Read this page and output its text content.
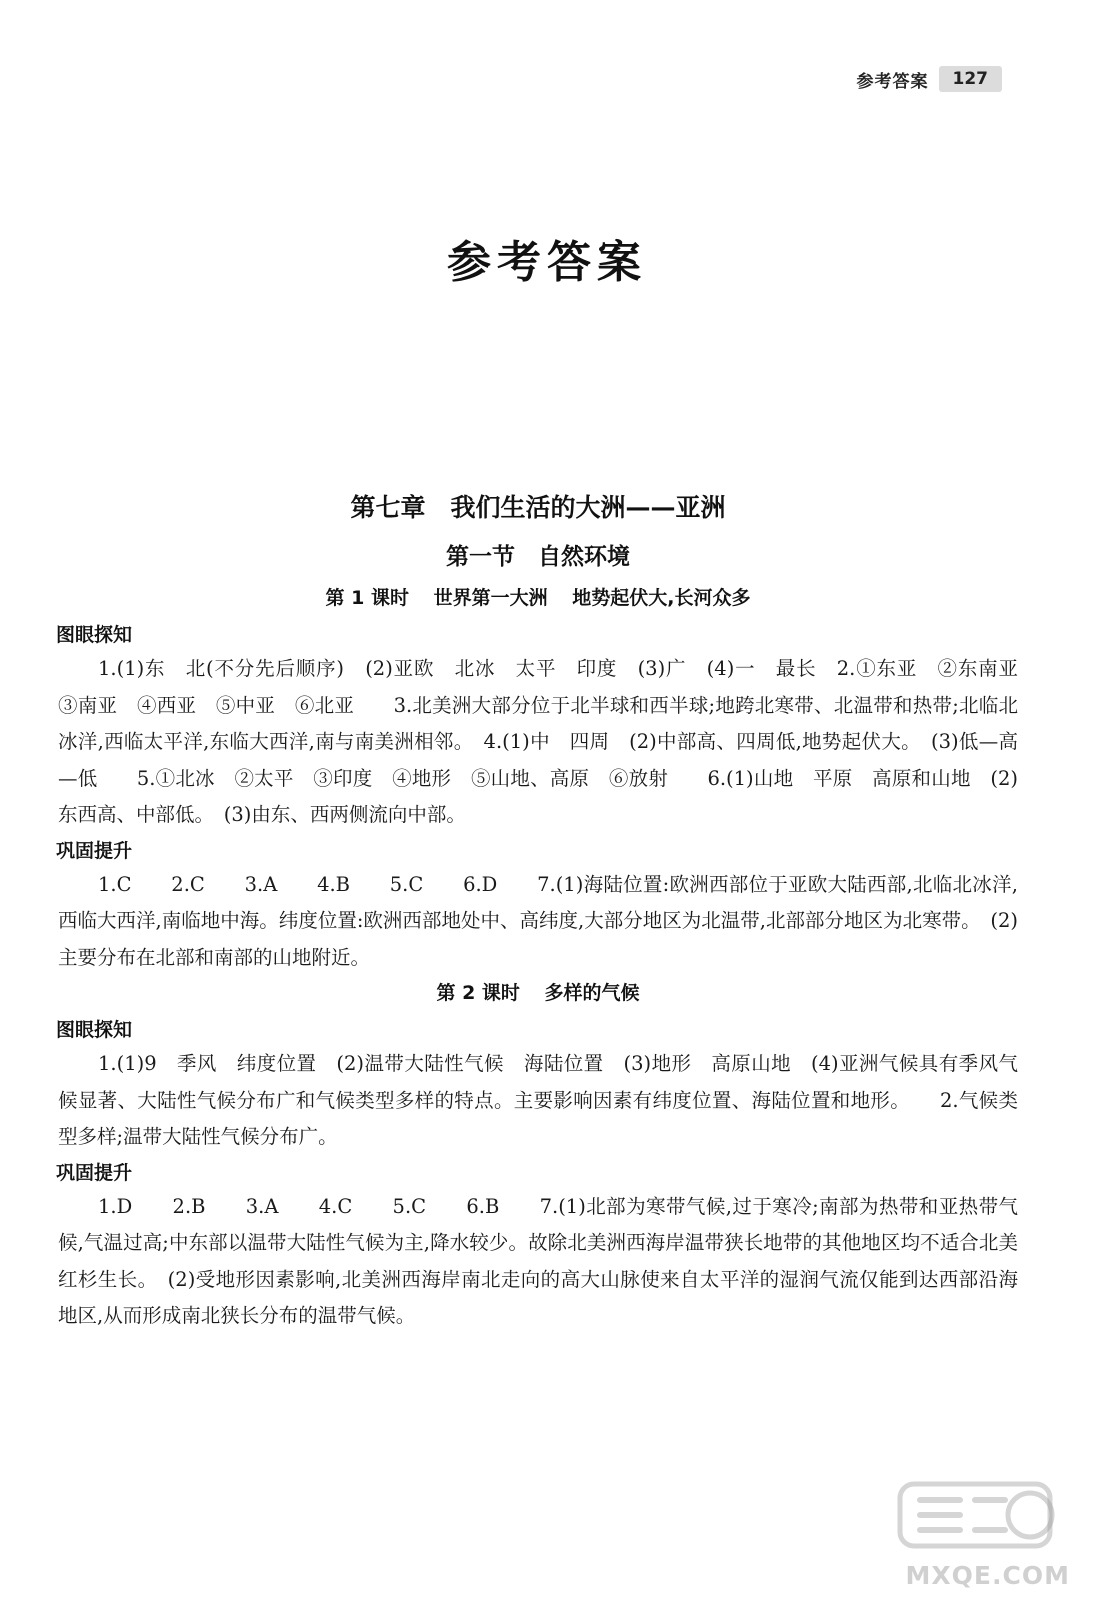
参考答案	127
参考答案
第七章　我们生活的大洲——亚洲
第一节　自然环境
第 1 课时 世界第一大洲 地势起伏大,长河众多
图眼探知

1.(1)东　北(不分先后顺序)　(2)亚欧　北冰　太平　印度　(3)广　(4)一　最长　2.①东亚　②东南亚　③南亚　④西亚　⑤中亚　⑥北亚　　3.北美洲大部分位于北半球和西半球;地跨北寒带、北温带和热带;北临北冰洋,西临太平洋,东临大西洋,南与南美洲相邻。　4.(1)中　四周　(2)中部高、四周低,地势起伏大。　(3)低—高—低　　5.①北冰　②太平　③印度　④地形　⑤山地、高原　⑥放射　　6.(1)山地　平原　高原和山地　(2)东西高、中部低。　(3)由东、西两侧流向中部。

巩固提升

1.C　　2.C　　3.A　　4.B　　5.C　　6.D　　7.(1)海陆位置:欧洲西部位于亚欧大陆西部,北临北冰洋,西临大西洋,南临地中海。纬度位置:欧洲西部地处中、高纬度,大部分地区为北温带,北部部分地区为北寒带。　(2)主要分布在北部和南部的山地附近。

第 2 课时 多样的气候
图眼探知

1.(1)9　季风　纬度位置　(2)温带大陆性气候　海陆位置　(3)地形　高原山地　(4)亚洲气候具有季风气候显著、大陆性气候分布广和气候类型多样的特点。主要影响因素有纬度位置、海陆位置和地形。　　2.气候类型多样;温带大陆性气候分布广。

巩固提升

1.D　　2.B　　3.A　　4.C　　5.C　　6.B　　7.(1)北部为寒带气候,过于寒冷;南部为热带和亚热带气候,气温过高;中东部以温带大陆性气候为主,降水较少。故除北美洲西海岸温带狭长地带的其他地区均不适合北美红杉生长。　(2)受地形因素影响,北美洲西海岸南北走向的高大山脉使来自太平洋的湿润气流仅能到达西部沿海地区,从而形成南北狭长分布的温带气候。

MXQE.COM
